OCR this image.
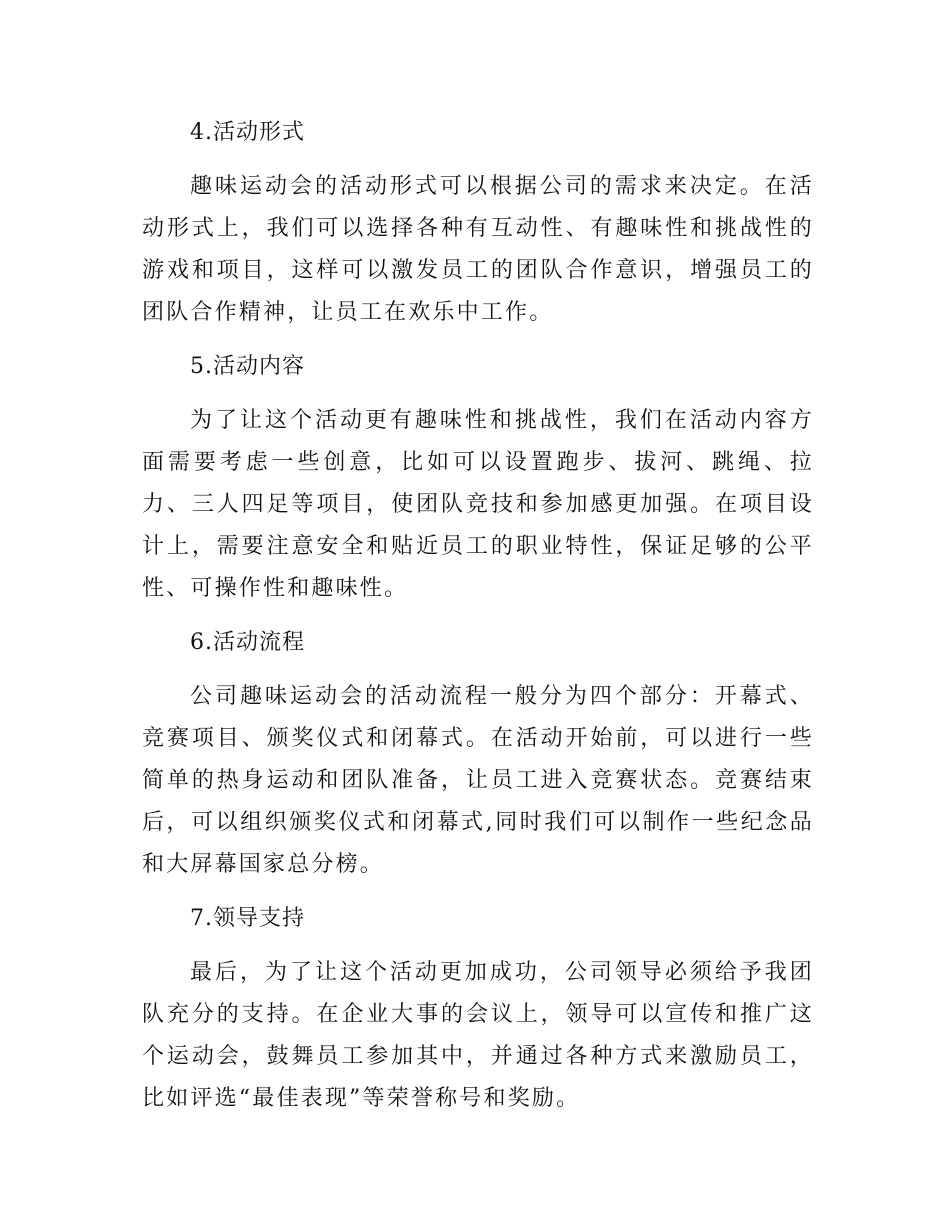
4.活动形式
趣味运动会的活动形式可以根据公司的需求来决定。在活动形式上，我们可以选择各种有互动性、有趣味性和挑战性的游戏和项目，这样可以激发员工的团队合作意识，增强员工的团队合作精神，让员工在欢乐中工作。
5.活动内容
为了让这个活动更有趣味性和挑战性，我们在活动内容方面需要考虑一些创意，比如可以设置跑步、拔河、跳绳、拉力、三人四足等项目，使团队竞技和参加感更加强。在项目设计上，需要注意安全和贴近员工的职业特性，保证足够的公平性、可操作性和趣味性。
6.活动流程
公司趣味运动会的活动流程一般分为四个部分：开幕式、竞赛项目、颁奖仪式和闭幕式。在活动开始前，可以进行一些简单的热身运动和团队准备，让员工进入竞赛状态。竞赛结束后，可以组织颁奖仪式和闭幕式,同时我们可以制作一些纪念品和大屏幕国家总分榜。
7.领导支持
最后，为了让这个活动更加成功，公司领导必须给予我团队充分的支持。在企业大事的会议上，领导可以宣传和推广这个运动会，鼓舞员工参加其中，并通过各种方式来激励员工，比如评选“最佳表现”等荣誉称号和奖励。
